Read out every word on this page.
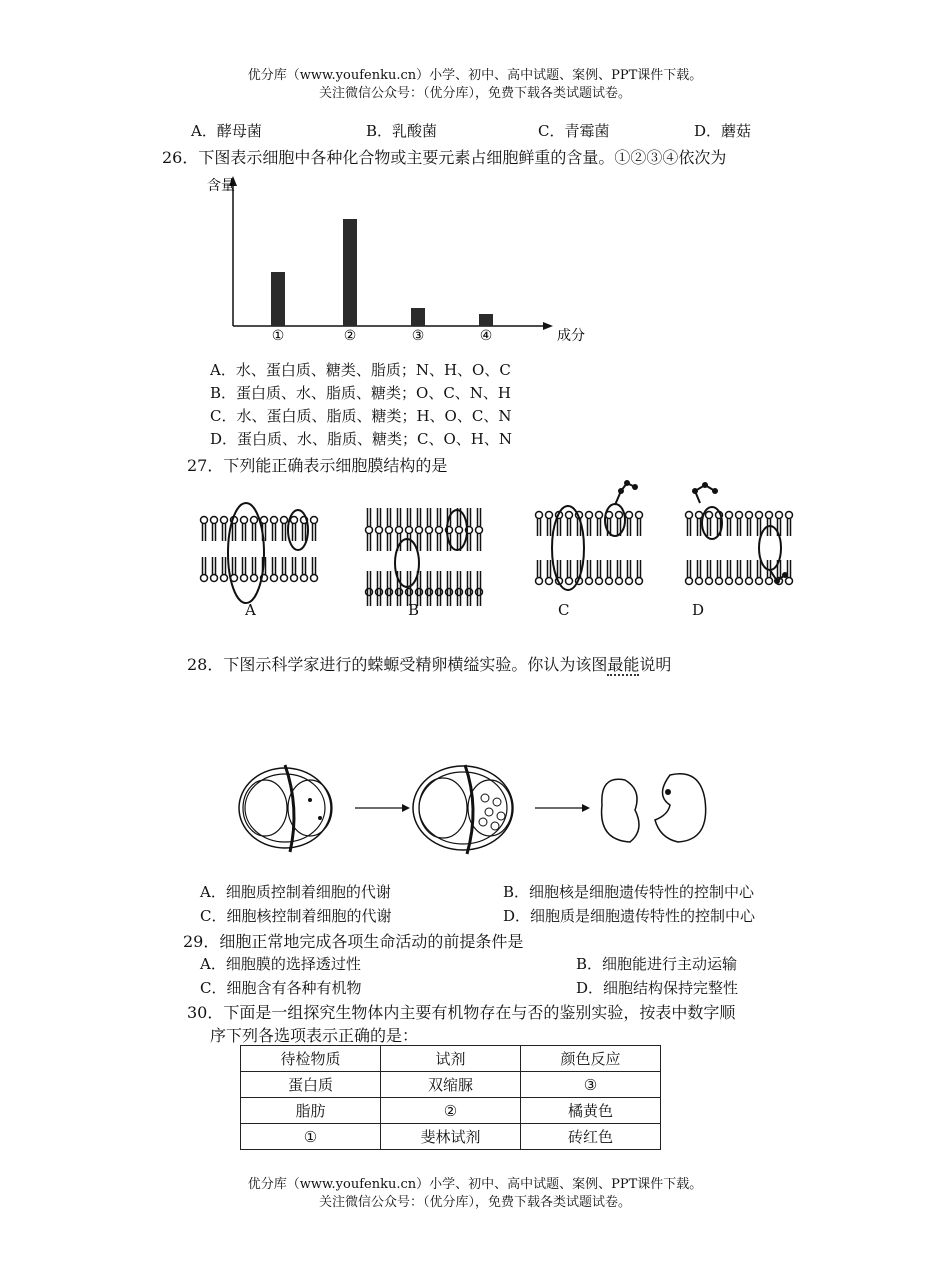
优分库（www.youfenku.cn）小学、初中、高中试题、案例、PPT课件下载。
关注微信公众号：（优分库），免费下载各类试题试卷。
A．酵母菌	B．乳酸菌	C．青霉菌	D．蘑菇
26．下图表示细胞中各种化合物或主要元素占细胞鲜重的含量。①②③④依次为
①	②	③	④
含量
成分
A．水、蛋白质、糖类、脂质；N、H、O、C
B．蛋白质、水、脂质、糖类；O、C、N、H
C．水、蛋白质、脂质、糖类；H、O、C、N
D．蛋白质、水、脂质、糖类；C、O、H、N
27．下列能正确表示细胞膜结构的是
A	B	C	D
28．下图示科学家进行的蝾螈受精卵横缢实验。你认为该图最能说明
A．细胞质控制着细胞的代谢	B．细胞核是细胞遗传特性的控制中心
C．细胞核控制着细胞的代谢	D．细胞质是细胞遗传特性的控制中心
29．细胞正常地完成各项生命活动的前提条件是
A．细胞膜的选择透过性	B．细胞能进行主动运输
C．细胞含有各种有机物	D．细胞结构保持完整性
30．下面是一组探究生物体内主要有机物存在与否的鉴别实验，按表中数字顺
序下列各选项表示正确的是：
待检物质	试剂	颜色反应
蛋白质	双缩脲	③
脂肪	②	橘黄色
①	斐林试剂	砖红色
优分库（www.youfenku.cn）小学、初中、高中试题、案例、PPT课件下载。
关注微信公众号：（优分库），免费下载各类试题试卷。
